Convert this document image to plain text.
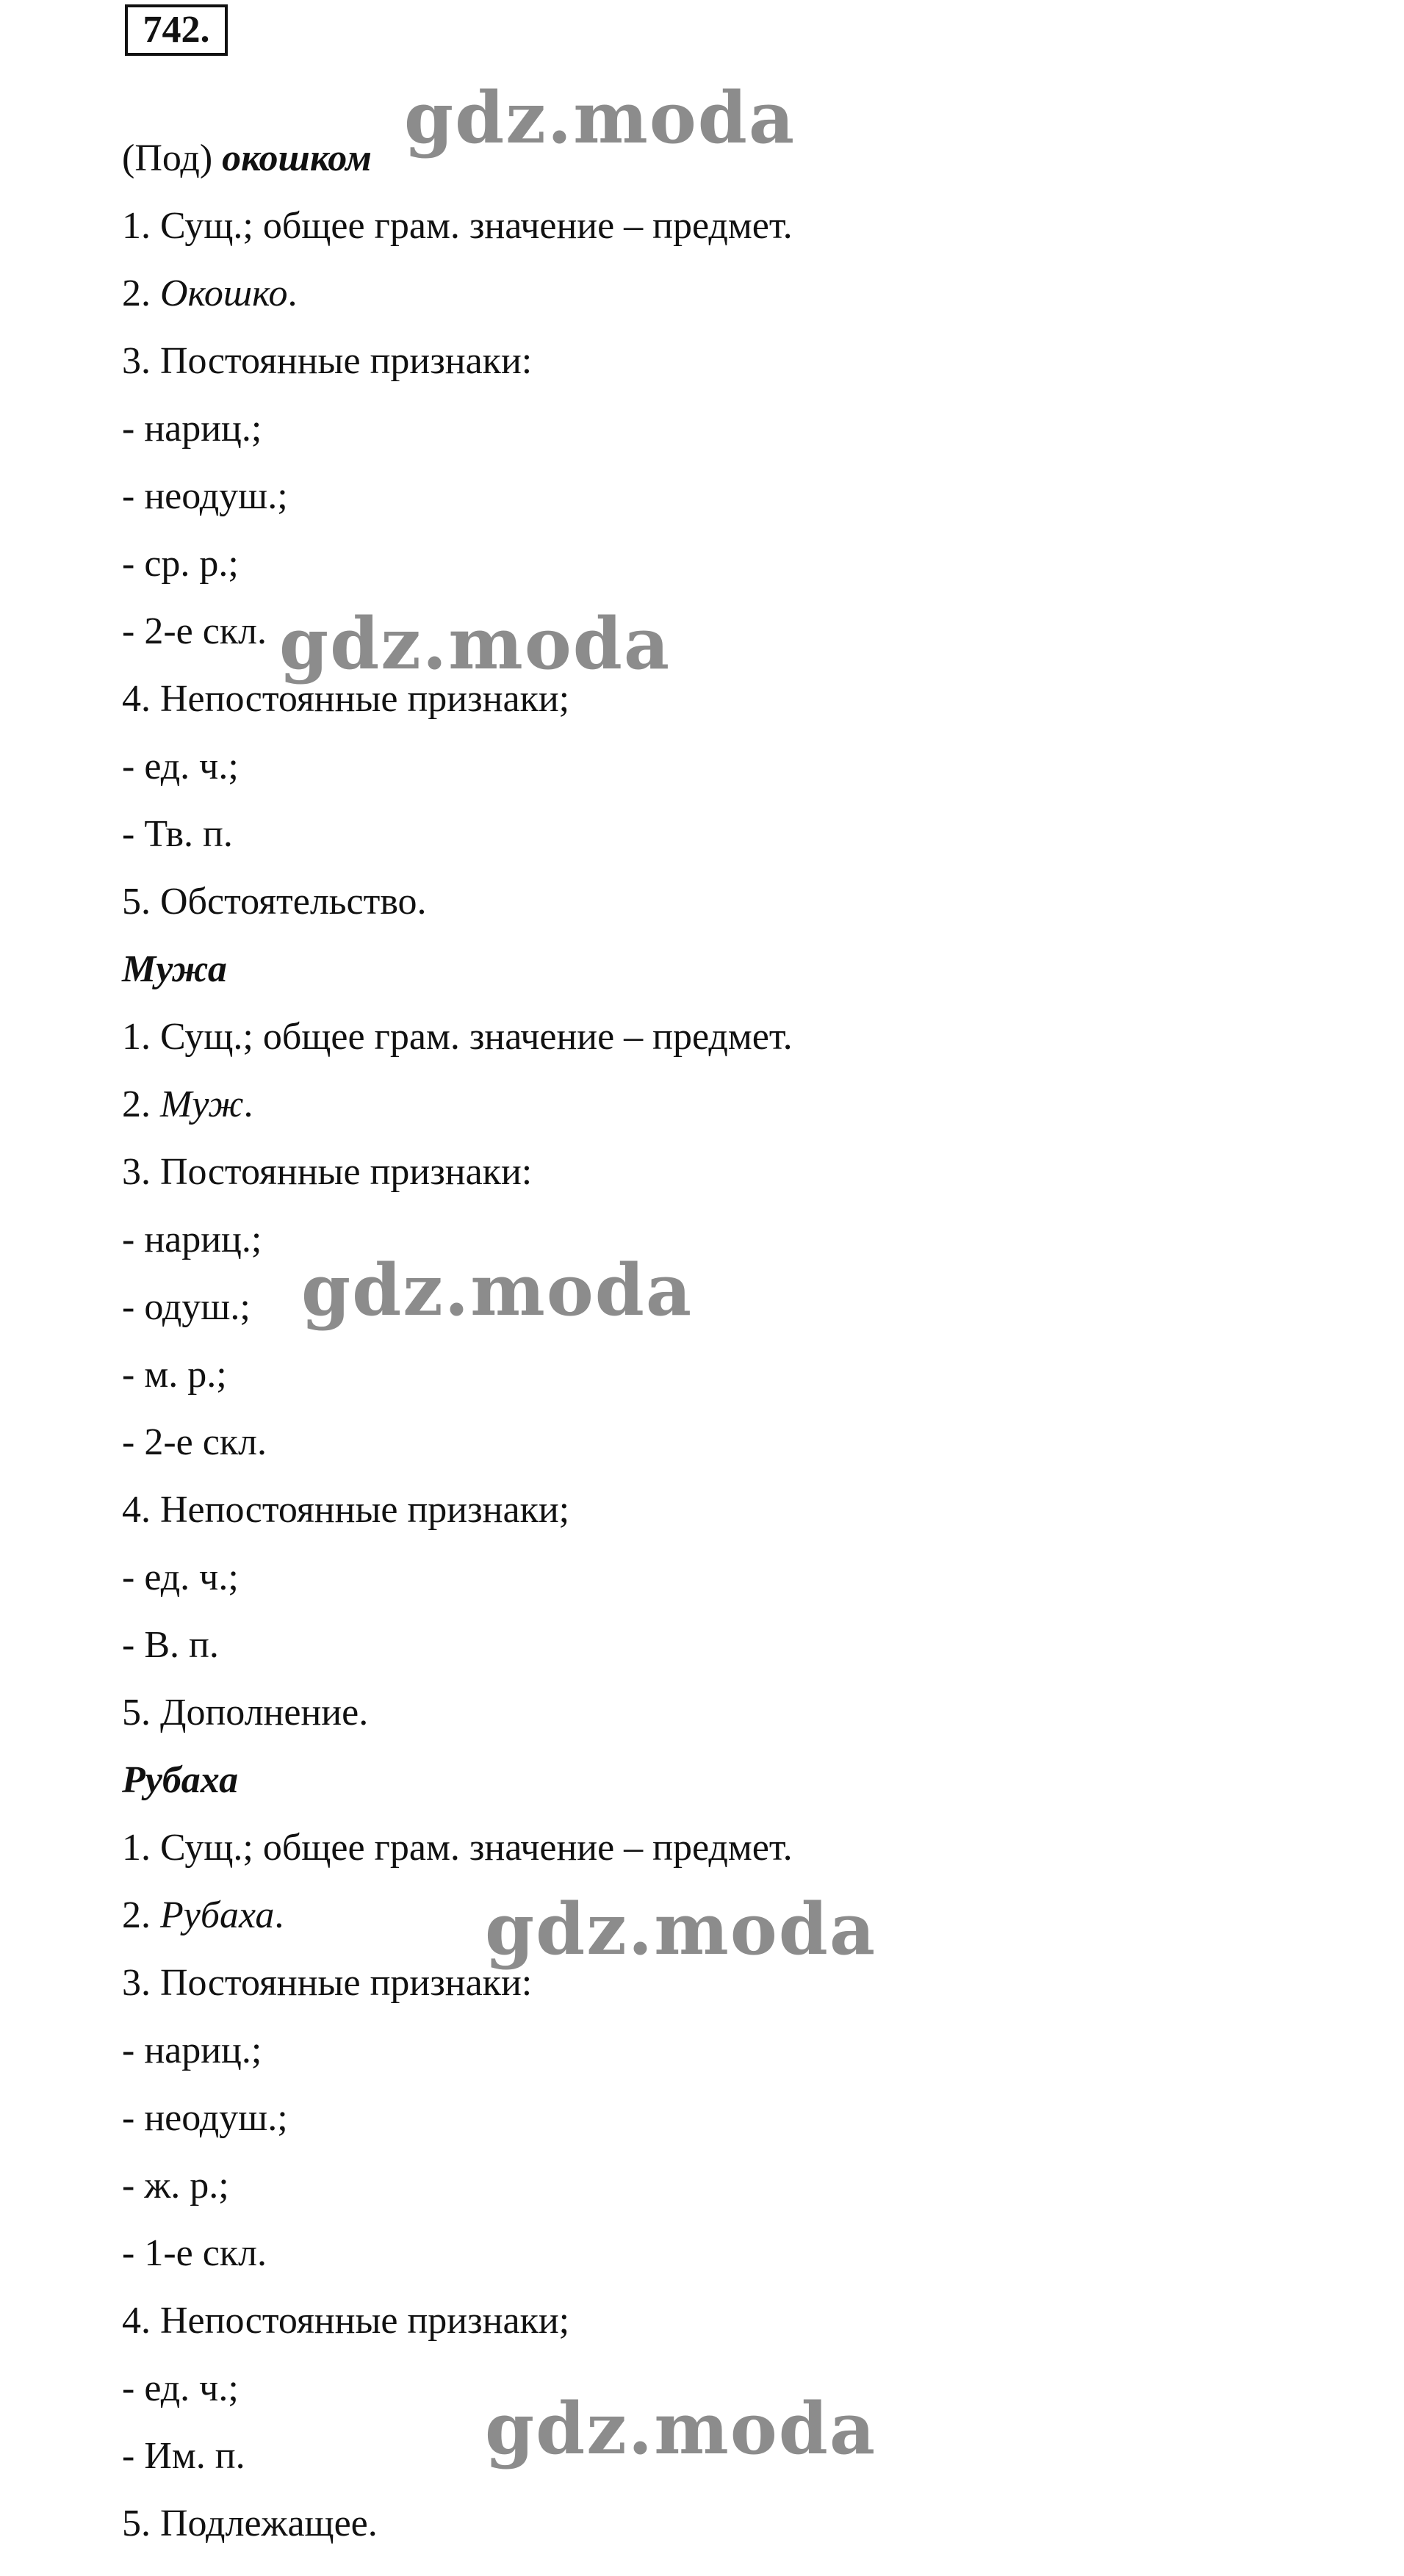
742.
(Под) окошком
1. Сущ.; общее грам. значение – предмет.
2. Окошко.
3. Постоянные признаки:
- нариц.;
- неодуш.;
- ср. р.;
- 2-е скл.
4. Непостоянные признаки;
- ед. ч.;
- Тв. п.
5. Обстоятельство.
Мужа
1. Сущ.; общее грам. значение – предмет.
2. Муж.
3. Постоянные признаки:
- нариц.;
- одуш.;
- м. р.;
- 2-е скл.
4. Непостоянные признаки;
- ед. ч.;
- В. п.
5. Дополнение.
Рубаха
1. Сущ.; общее грам. значение – предмет.
2. Рубаха.
3. Постоянные признаки:
- нариц.;
- неодуш.;
- ж. р.;
- 1-е скл.
4. Непостоянные признаки;
- ед. ч.;
- Им. п.
5. Подлежащее.
gdz.moda
gdz.moda
gdz.moda
gdz.moda
gdz.moda
